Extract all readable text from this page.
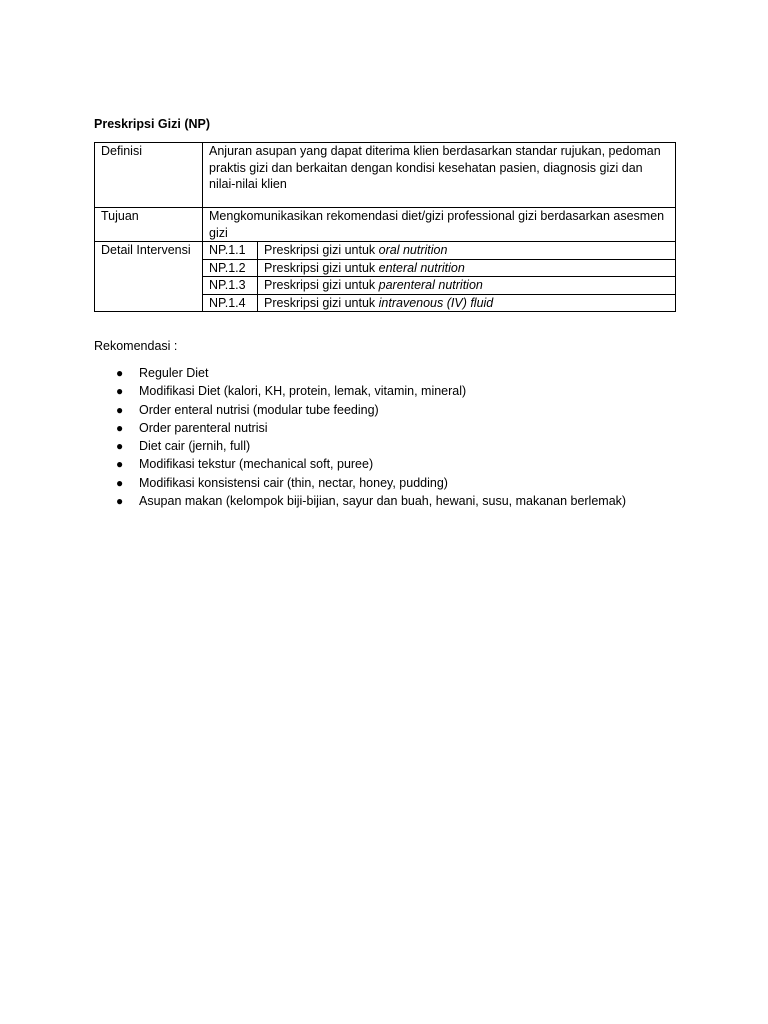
Preskripsi Gizi (NP)
Definisi	Anjuran asupan yang dapat diterima klien berdasarkan standar rujukan, pedoman praktis gizi dan berkaitan dengan kondisi kesehatan pasien, diagnosis gizi dan nilai-nilai klien	
Tujuan	Mengkomunikasikan rekomendasi diet/gizi professional gizi berdasarkan asesmen gizi	
Detail Intervensi	NP.1.1	Preskripsi gizi untuk oral nutrition
	NP.1.2	Preskripsi gizi untuk enteral nutrition
	NP.1.3	Preskripsi gizi untuk parenteral nutrition
	NP.1.4	Preskripsi gizi untuk intravenous (IV) fluid
Rekomendasi :
● Reguler Diet
● Modifikasi Diet (kalori, KH, protein, lemak, vitamin, mineral)
● Order enteral nutrisi (modular tube feeding)
● Order parenteral nutrisi
● Diet cair (jernih, full)
● Modifikasi tekstur (mechanical soft, puree)
● Modifikasi konsistensi cair (thin, nectar, honey, pudding)
● Asupan makan (kelompok biji-bijian, sayur dan buah, hewani, susu, makanan berlemak)
